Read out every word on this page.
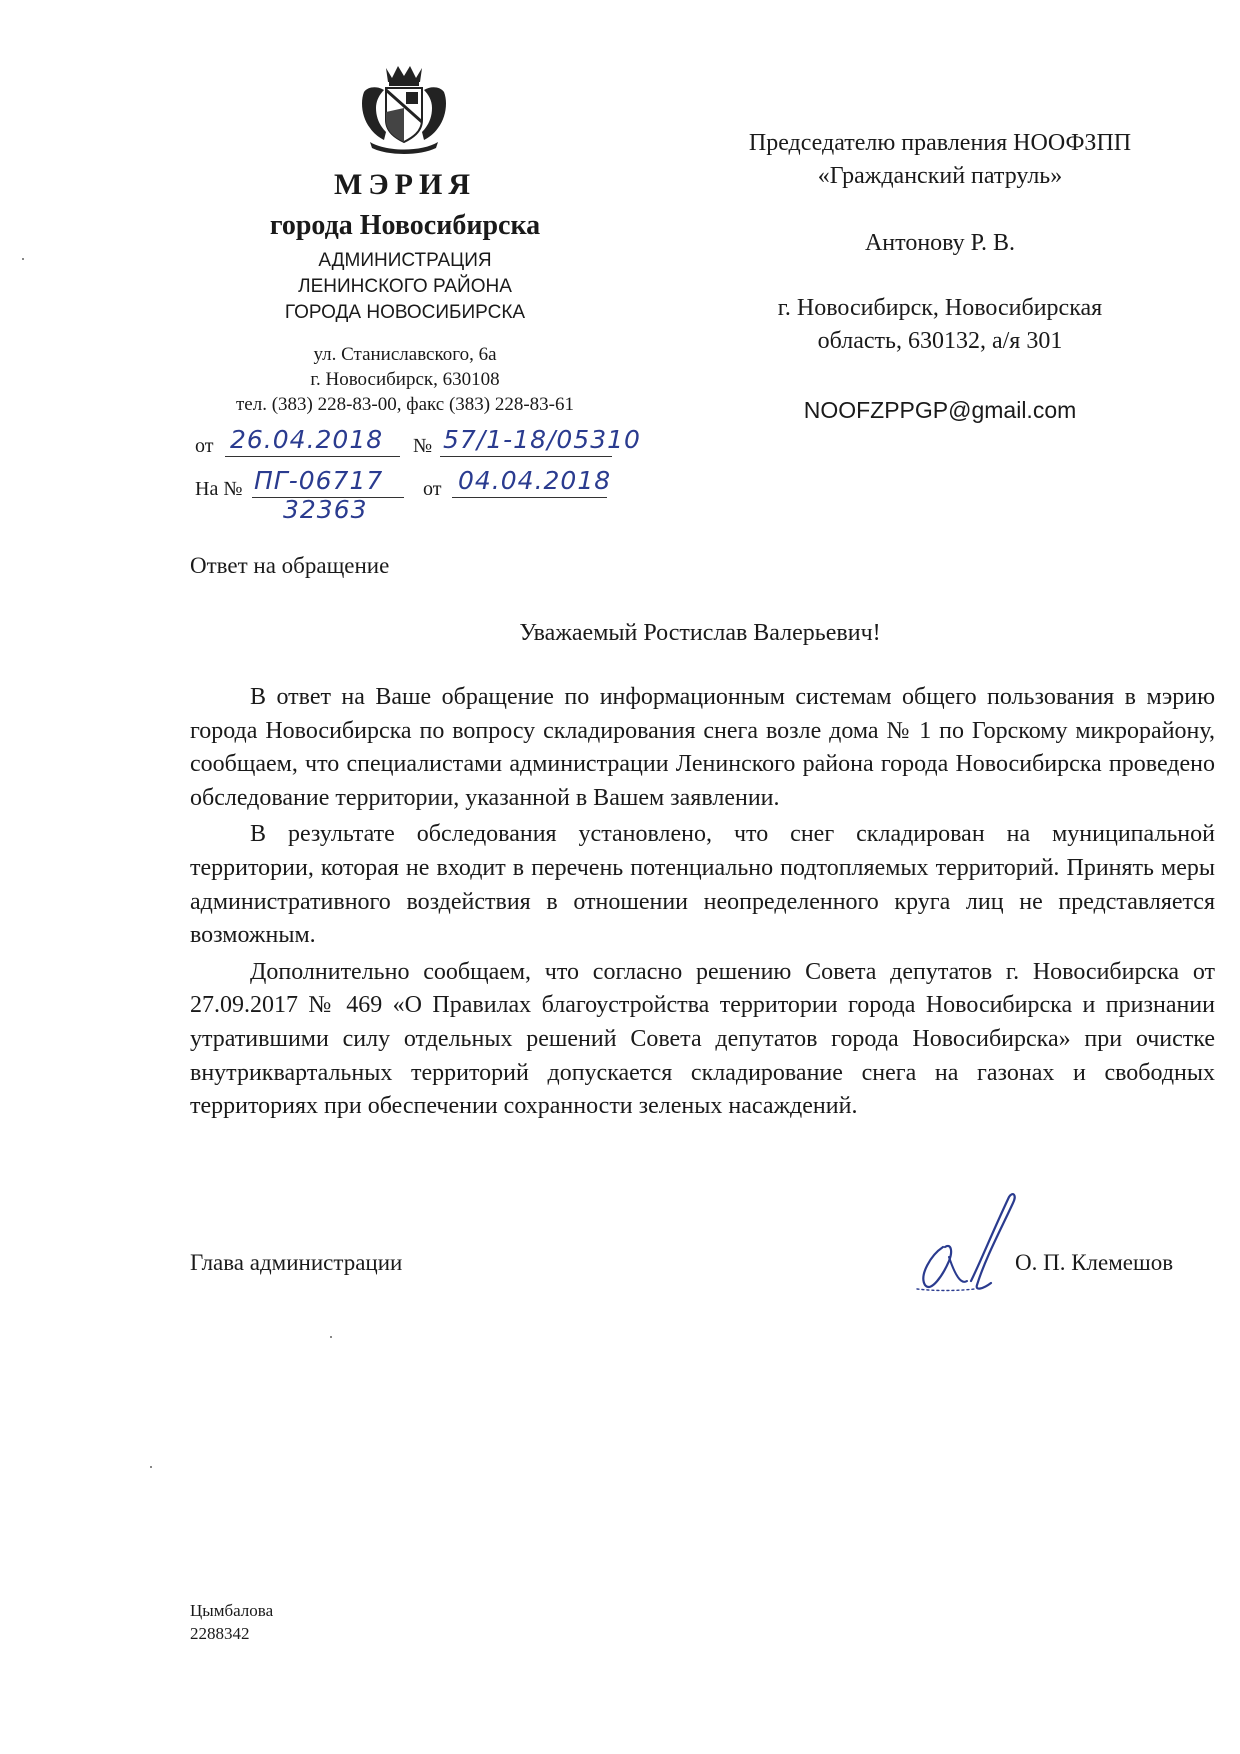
МЭРИЯ
города Новосибирска
АДМИНИСТРАЦИЯ
ЛЕНИНСКОГО РАЙОНА
ГОРОДА НОВОСИБИРСКА
ул. Станиславского, 6а
г. Новосибирск, 630108
тел. (383) 228-83-00, факс (383) 228-83-61
от 26.04.2018 № 57/1-18/05310
На № ПГ-06717
32363
от 04.04.2018
Председателю правления НООФЗПП
«Гражданский патруль»
Антонову Р. В.
г. Новосибирск, Новосибирская
область, 630132, а/я 301
NOOFZPPGP@gmail.com
Ответ на обращение
Уважаемый Ростислав Валерьевич!

В ответ на Ваше обращение по информационным системам общего пользования в мэрию города Новосибирска по вопросу складирования снега возле дома № 1 по Горскому микрорайону, сообщаем, что специалистами администрации Ленинского района города Новосибирска проведено обследование территории, указанной в Вашем заявлении.

В результате обследования установлено, что снег складирован на муниципальной территории, которая не входит в перечень потенциально подтопляемых территорий. Принять меры административного воздействия в отношении неопределенного круга лиц не представляется возможным.

Дополнительно сообщаем, что согласно решению Совета депутатов г. Новосибирска от 27.09.2017 № 469 «О Правилах благоустройства территории города Новосибирска и признании утратившими силу отдельных решений Совета депутатов города Новосибирска» при очистке внутриквартальных территорий допускается складирование снега на газонах и свободных территориях при обеспечении сохранности зеленых насаждений.

Глава администрации	О. П. Клемешов
Цымбалова
2288342
